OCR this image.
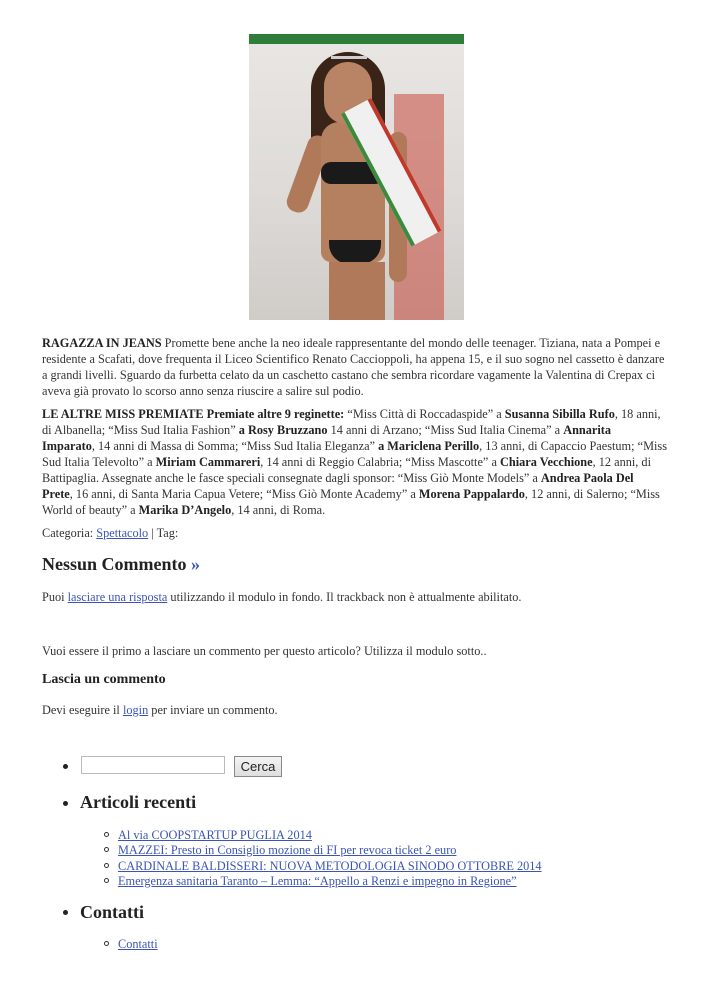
RAGAZZA IN JEANS Promette bene anche la neo ideale rappresentante del mondo delle teenager. Tiziana, nata a Pompei e residente a Scafati, dove frequenta il Liceo Scientifico Renato Caccioppoli, ha appena 15, e il suo sogno nel cassetto è danzare a grandi livelli. Sguardo da furbetta celato da un caschetto castano che sembra ricordare vagamente la Valentina di Crepax ci aveva già provato lo scorso anno senza riuscire a salire sul podio.

LE ALTRE MISS PREMIATE Premiate altre 9 reginette: “Miss Città di Roccadaspide” a Susanna Sibilla Rufo, 18 anni, di Albanella; “Miss Sud Italia Fashion” a Rosy Bruzzano 14 anni di Arzano; “Miss Sud Italia Cinema” a Annarita Imparato, 14 anni di Massa di Somma; “Miss Sud Italia Eleganza” a Mariclena Perillo, 13 anni, di Capaccio Paestum; “Miss Sud Italia Televolto” a Miriam Cammareri, 14 anni di Reggio Calabria; “Miss Mascotte” a Chiara Vecchione, 12 anni, di Battipaglia. Assegnate anche le fasce speciali consegnate dagli sponsor: “Miss Giò Monte Models” a Andrea Paola Del Prete, 16 anni, di Santa Maria Capua Vetere; “Miss Giò Monte Academy” a Morena Pappalardo, 12 anni, di Salerno; “Miss World of beauty” a Marika D’Angelo, 14 anni, di Roma.

Categoria: Spettacolo | Tag:

Nessun Commento »

Puoi lasciare una risposta utilizzando il modulo in fondo. Il trackback non è attualmente abilitato.

Vuoi essere il primo a lasciare un commento per questo articolo? Utilizza il modulo sotto..

Lascia un commento

Devi eseguire il login per inviare un commento.

Cerca
Articoli recenti
Al via COOPSTARTUP PUGLIA 2014
MAZZEI: Presto in Consiglio mozione di FI per revoca ticket 2 euro
CARDINALE BALDISSERI: NUOVA METODOLOGIA SINODO OTTOBRE 2014
Emergenza sanitaria Taranto – Lemma: “Appello a Renzi e impegno in Regione”
Contatti
Contatti
